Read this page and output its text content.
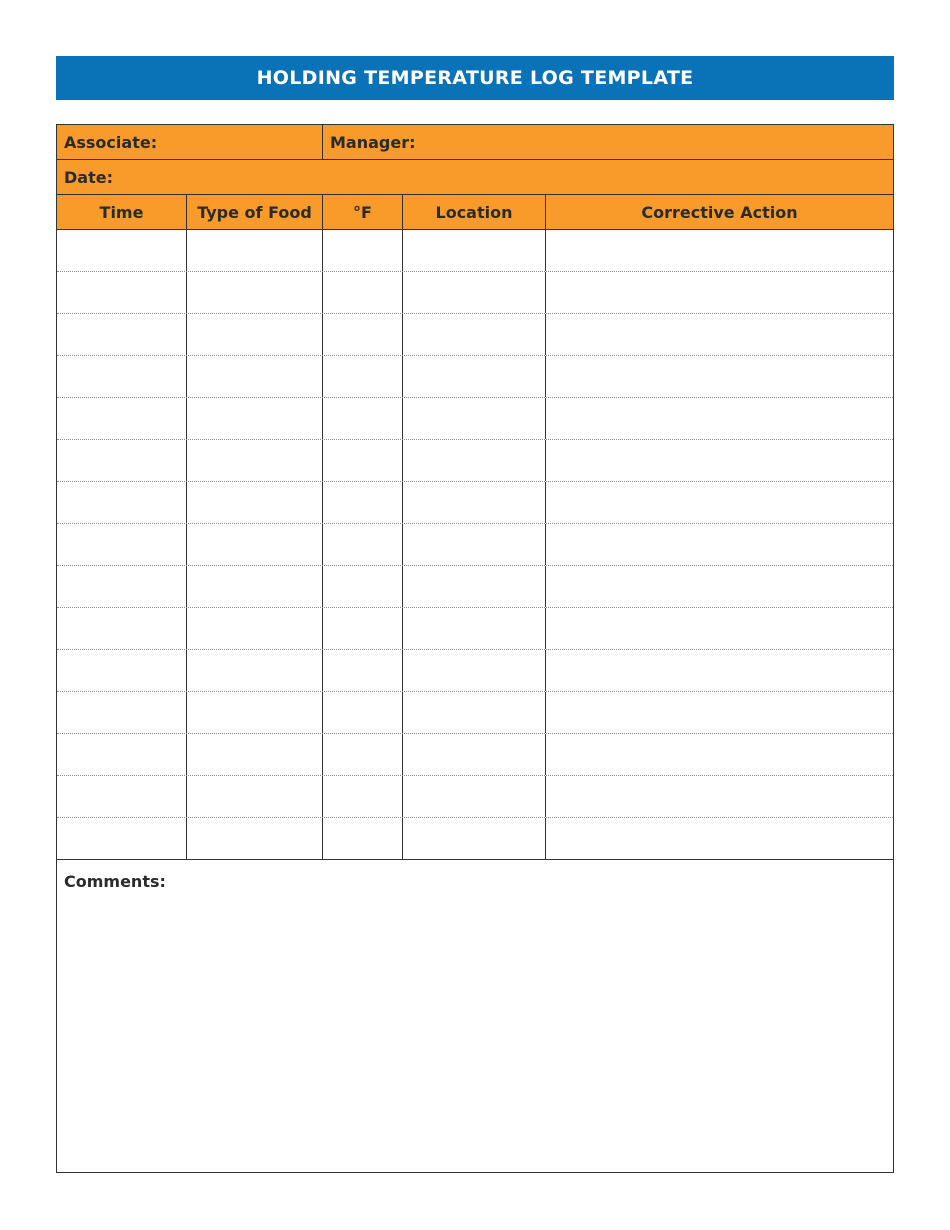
HOLDING TEMPERATURE LOG TEMPLATE
Associate:	Manager:
Date:
Time	Type of Food	°F	Location	Corrective Action
Comments:
